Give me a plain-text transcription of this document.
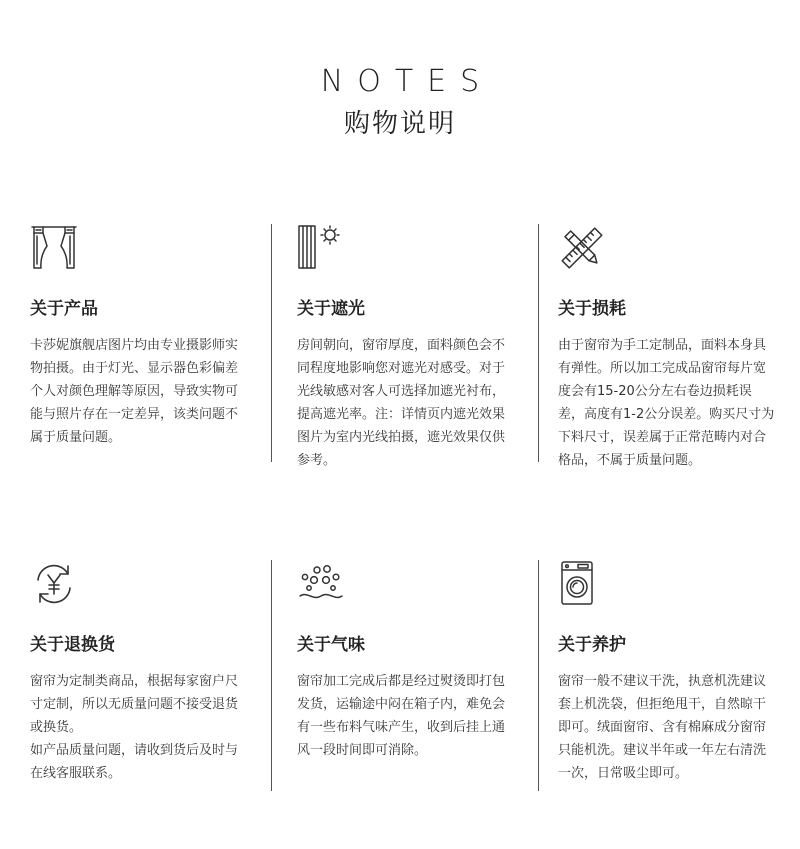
NOTES
购物说明
关于产品

卡莎妮旗舰店图片均由专业摄影师实物拍摄。由于灯光、显示器色彩偏差个人对颜色理解等原因，导致实物可能与照片存在一定差异，该类问题不属于质量问题。

关于遮光

房间朝向，窗帘厚度，面料颜色会不同程度地影响您对遮光对感受。对于光线敏感对客人可选择加遮光衬布，提高遮光率。注：详情页内遮光效果图片为室内光线拍摄，遮光效果仅供参考。

关于损耗

由于窗帘为手工定制品，面料本身具有弹性。所以加工完成品窗帘每片宽度会有15-20公分左右卷边损耗误差，高度有1-2公分误差。购买尺寸为下料尺寸，误差属于正常范畴内对合格品，不属于质量问题。

关于退换货

窗帘为定制类商品，根据每家窗户尺寸定制，所以无质量问题不接受退货或换货。

如产品质量问题，请收到货后及时与在线客服联系。

关于气味

窗帘加工完成后都是经过熨烫即打包发货，运输途中闷在箱子内，难免会有一些布料气味产生，收到后挂上通风一段时间即可消除。

关于养护

窗帘一般不建议干洗，执意机洗建议套上机洗袋，但拒绝甩干，自然晾干即可。绒面窗帘、含有棉麻成分窗帘只能机洗。建议半年或一年左右清洗一次，日常吸尘即可。
